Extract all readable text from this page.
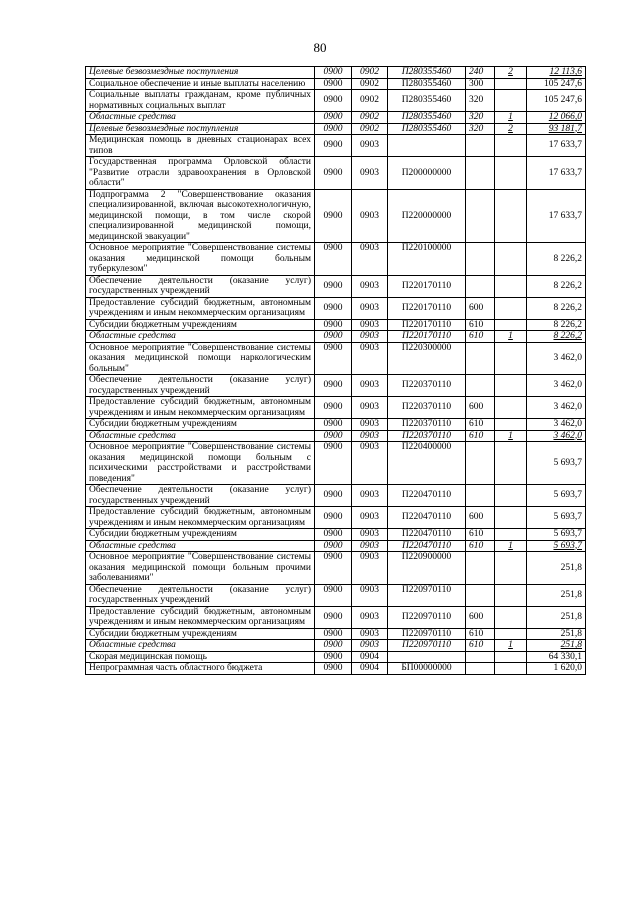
80
Целевые безвозмездные поступления	0900	0902	П280355460	240	2	12 113,6
Социальное обеспечение и иные выплаты населению	0900	0902	П280355460	300		105 247,6
Социальные выплаты гражданам, кроме публичных нормативных социальных выплат	0900	0902	П280355460	320		105 247,6
Областные средства	0900	0902	П280355460	320	1	12 066,0
Целевые безвозмездные поступления	0900	0902	П280355460	320	2	93 181,7
Медицинская помощь в дневных стационарах всех типов	0900	0903				17 633,7
Государственная программа Орловской области "Развитие отрасли здравоохранения в Орловской области"	0900	0903	П200000000			17 633,7
Подпрограмма 2 "Совершенствование оказания специализированной, включая высокотехнологичную, медицинской помощи, в том числе скорой специализированной медицинской помощи, медицинской эвакуации"	0900	0903	П220000000			17 633,7
Основное мероприятие "Совершенствование системы оказания медицинской помощи больным туберкулезом"	0900	0903	П220100000			8 226,2
Обеспечение деятельности (оказание услуг) государственных учреждений	0900	0903	П220170110			8 226,2
Предоставление субсидий бюджетным, автономным учреждениям и иным некоммерческим организациям	0900	0903	П220170110	600		8 226,2
Субсидии бюджетным учреждениям	0900	0903	П220170110	610		8 226,2
Областные средства	0900	0903	П220170110	610	1	8 226,2
Основное мероприятие "Совершенствование системы оказания медицинской помощи наркологическим больным"	0900	0903	П220300000			3 462,0
Обеспечение деятельности (оказание услуг) государственных учреждений	0900	0903	П220370110			3 462,0
Предоставление субсидий бюджетным, автономным учреждениям и иным некоммерческим организациям	0900	0903	П220370110	600		3 462,0
Субсидии бюджетным учреждениям	0900	0903	П220370110	610		3 462,0
Областные средства	0900	0903	П220370110	610	1	3 462,0
Основное мероприятие "Совершенствование системы оказания медицинской помощи больным с психическими расстройствами и расстройствами поведения"	0900	0903	П220400000			5 693,7
Обеспечение деятельности (оказание услуг) государственных учреждений	0900	0903	П220470110			5 693,7
Предоставление субсидий бюджетным, автономным учреждениям и иным некоммерческим организациям	0900	0903	П220470110	600		5 693,7
Субсидии бюджетным учреждениям	0900	0903	П220470110	610		5 693,7
Областные средства	0900	0903	П220470110	610	1	5 693,7
Основное мероприятие "Совершенствование системы оказания медицинской помощи больным прочими заболеваниями"	0900	0903	П220900000			251,8
Обеспечение деятельности (оказание услуг) государственных учреждений	0900	0903	П220970110			251,8
Предоставление субсидий бюджетным, автономным учреждениям и иным некоммерческим организациям	0900	0903	П220970110	600		251,8
Субсидии бюджетным учреждениям	0900	0903	П220970110	610		251,8
Областные средства	0900	0903	П220970110	610	1	251,8
Скорая медицинская помощь	0900	0904				64 330,1
Непрограммная часть областного бюджета	0900	0904	БП00000000			1 620,0
